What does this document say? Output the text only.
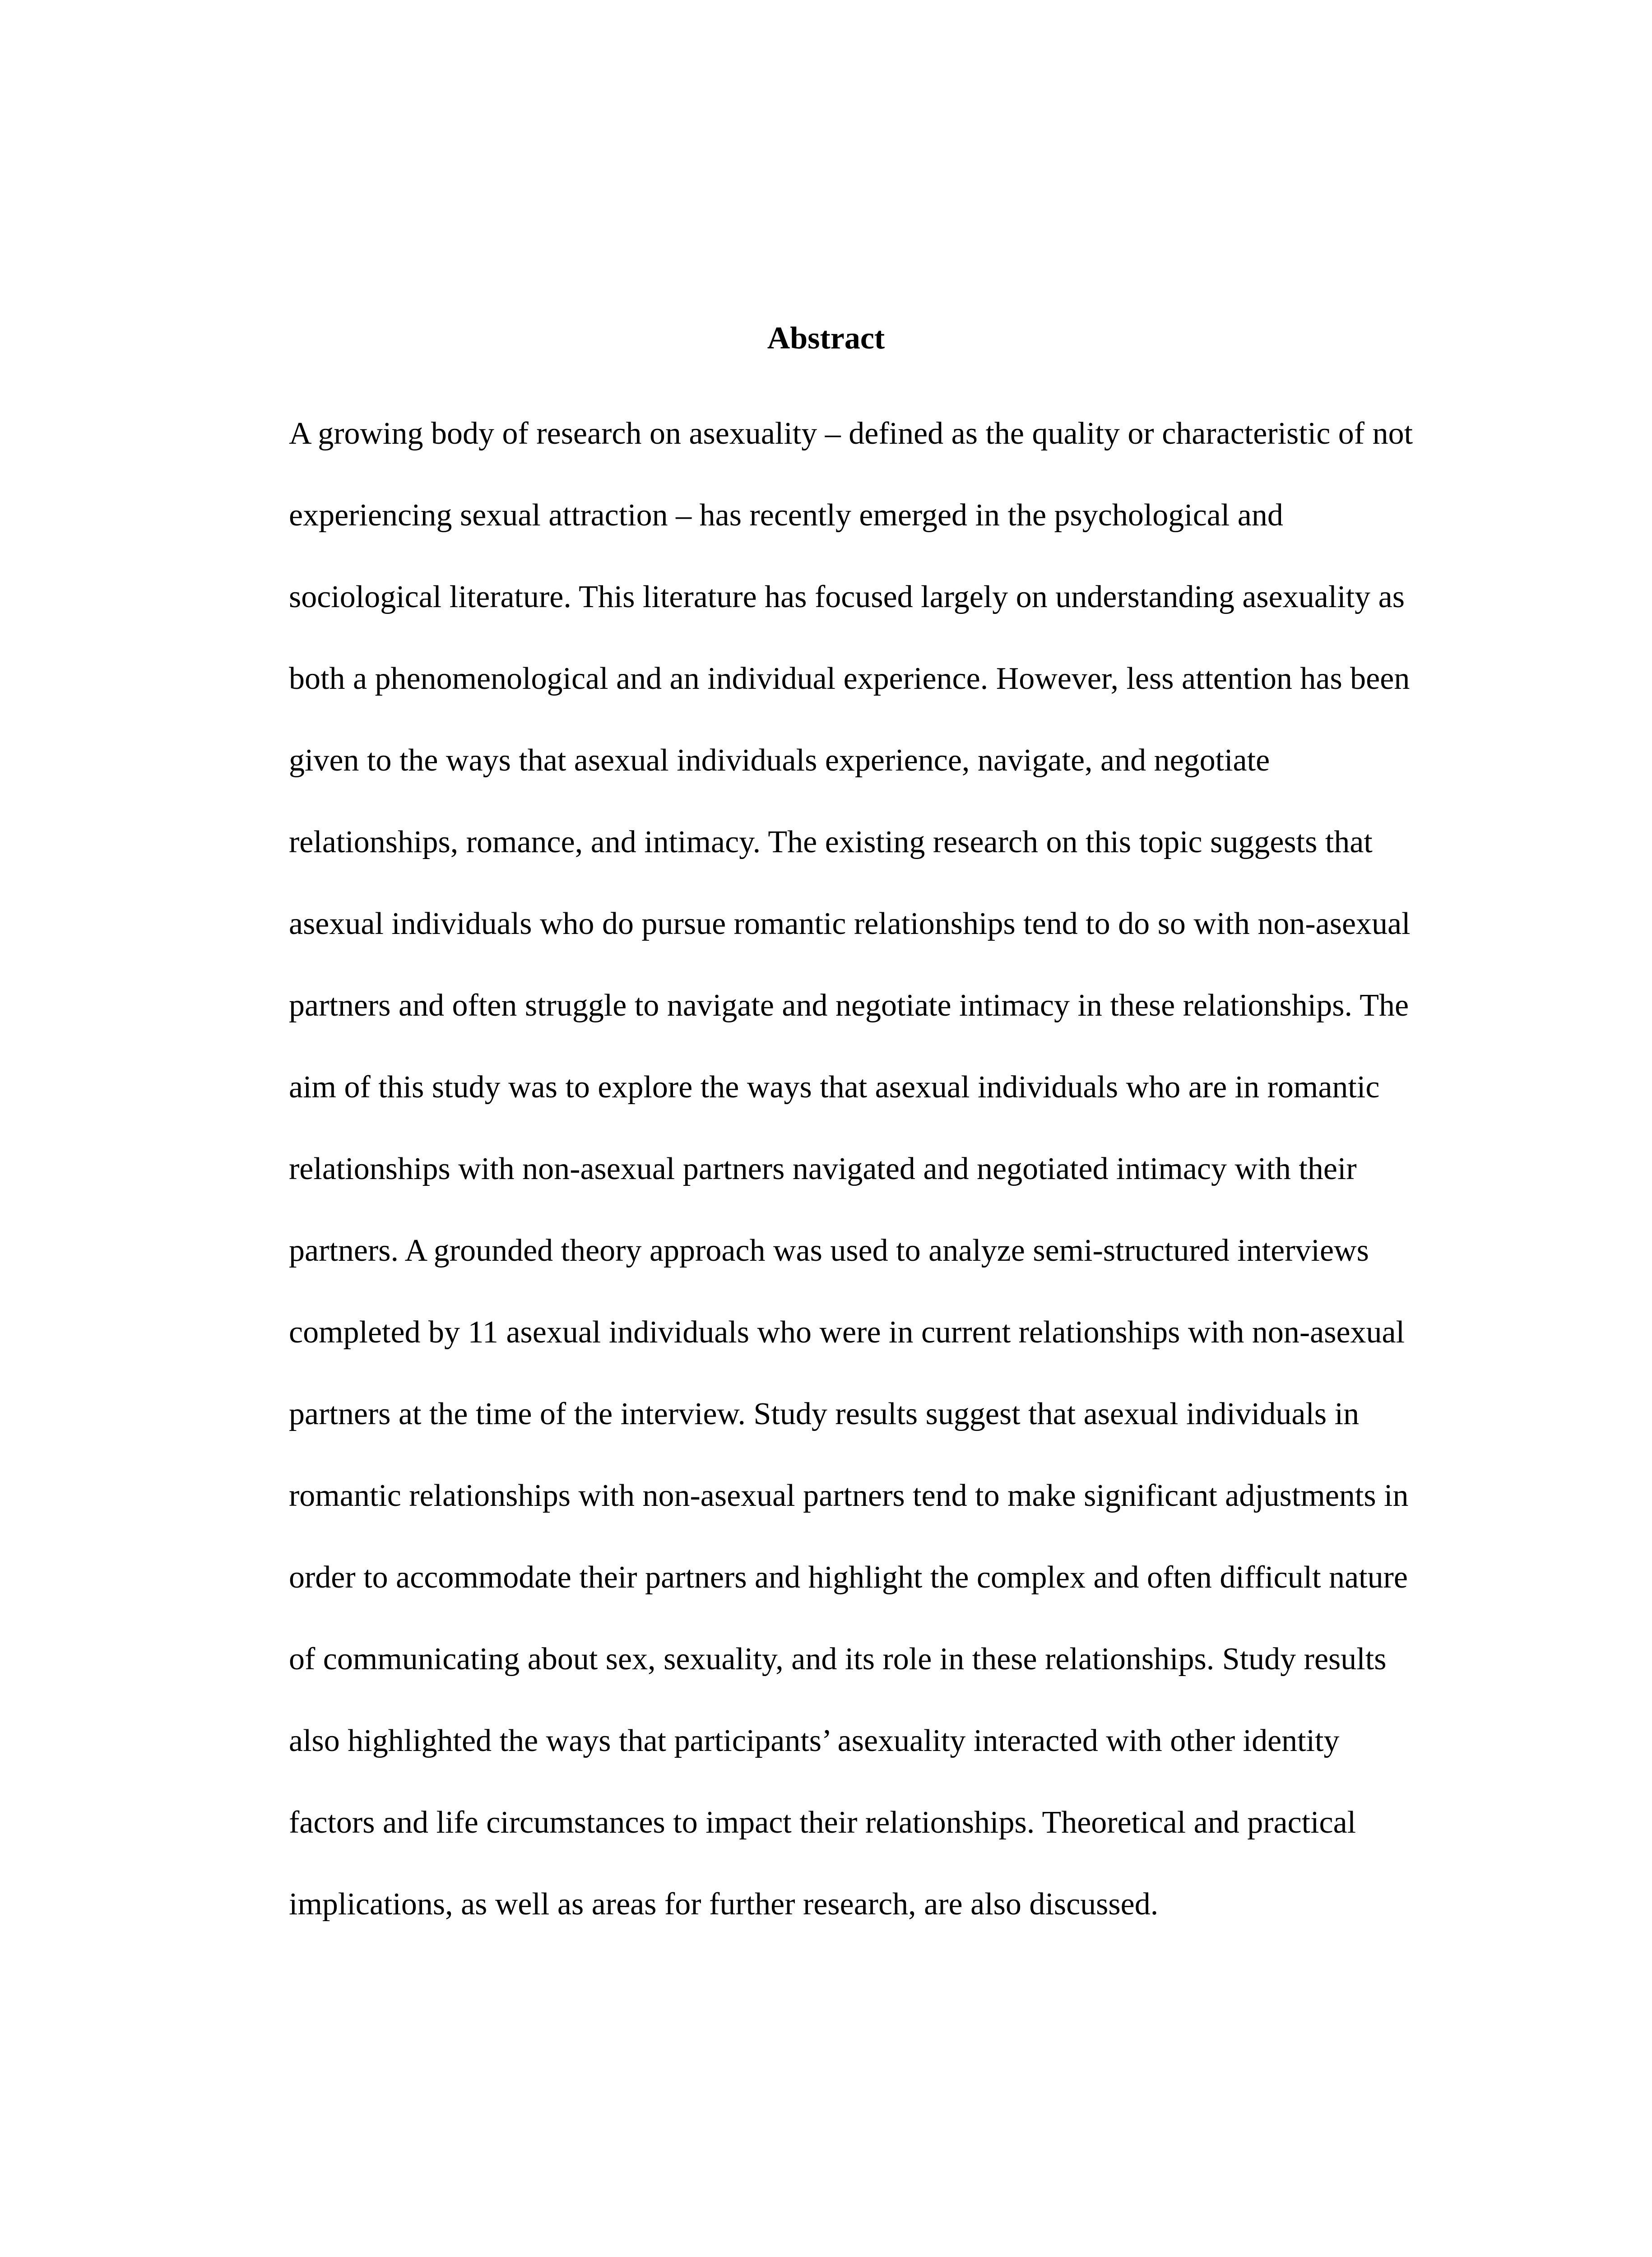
Abstract
A growing body of research on asexuality – defined as the quality or characteristic of not
experiencing sexual attraction – has recently emerged in the psychological and
sociological literature. This literature has focused largely on understanding asexuality as
both a phenomenological and an individual experience. However, less attention has been
given to the ways that asexual individuals experience, navigate, and negotiate
relationships, romance, and intimacy. The existing research on this topic suggests that
asexual individuals who do pursue romantic relationships tend to do so with non-asexual
partners and often struggle to navigate and negotiate intimacy in these relationships. The
aim of this study was to explore the ways that asexual individuals who are in romantic
relationships with non-asexual partners navigated and negotiated intimacy with their
partners. A grounded theory approach was used to analyze semi-structured interviews
completed by 11 asexual individuals who were in current relationships with non-asexual
partners at the time of the interview. Study results suggest that asexual individuals in
romantic relationships with non-asexual partners tend to make significant adjustments in
order to accommodate their partners and highlight the complex and often difficult nature
of communicating about sex, sexuality, and its role in these relationships. Study results
also highlighted the ways that participants’ asexuality interacted with other identity
factors and life circumstances to impact their relationships. Theoretical and practical
implications, as well as areas for further research, are also discussed.
